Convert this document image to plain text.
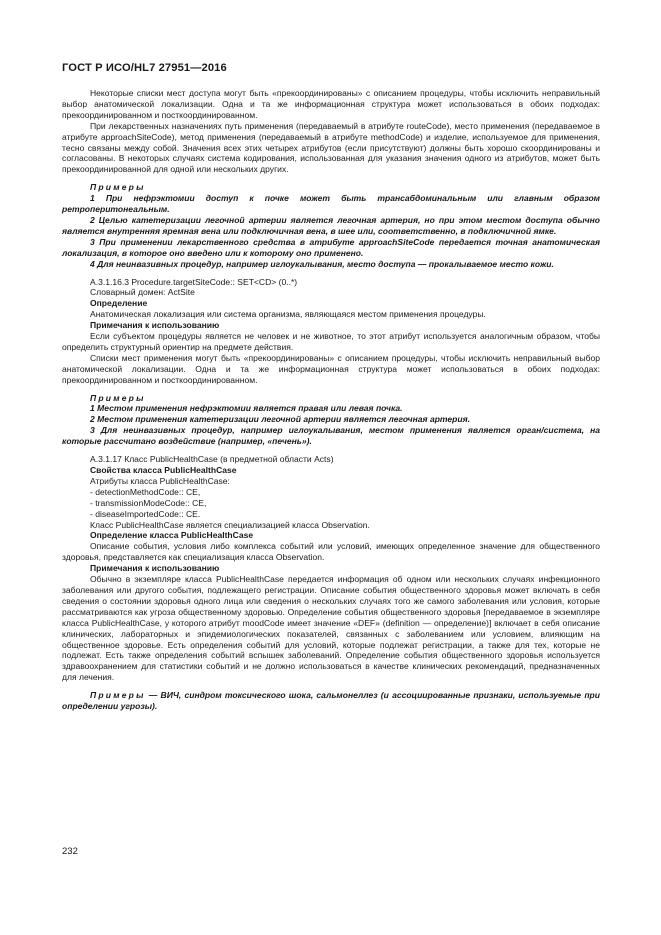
ГОСТ Р ИСО/HL7 27951—2016

Некоторые списки мест доступа могут быть «прекоординированы» с описанием процедуры, чтобы исключить неправильный выбор анатомической локализации. Одна и та же информационная структура может использоваться в обоих подходах: прекоординированном и посткоординированном.

При лекарственных назначениях путь применения (передаваемый в атрибуте routeCode), место применения (передаваемое в атрибуте approachSiteCode), метод применения (передаваемый в атрибуте methodCode) и изделие, используемое для применения, тесно связаны между собой. Значения всех этих четырех атрибутов (если присутствуют) должны быть хорошо скоординированы и согласованы. В некоторых случаях система кодирования, использованная для указания значения одного из атрибутов, может быть прекоординированной для одной или нескольких других.

Примеры

1 При нефрэктомии доступ к почке может быть трансабдоминальным или главным образом ретроперитонеальным.

2 Целью катетеризации легочной артерии является легочная артерия, но при этом местом доступа обычно является внутренняя яремная вена или подключичная вена, в шее или, соответственно, в подключичной ямке.

3 При применении лекарственного средства в атрибуте approachSiteCode передается точная анатомическая локализация, в которое оно введено или к которому оно применено.

4 Для неинвазивных процедур, например иглоукалывания, место доступа — прокалываемое место кожи.

A.3.1.16.3 Procedure.targetSiteCode:: SET<CD> (0..*)

Словарный домен: ActSite

Определение

Анатомическая локализация или система организма, являющаяся местом применения процедуры.

Примечания к использованию

Если субъектом процедуры является не человек и не животное, то этот атрибут используется аналогичным образом, чтобы определить структурный ориентир на предмете действия.

Списки мест применения могут быть «прекоординированы» с описанием процедуры, чтобы исключить неправильный выбор анатомической локализации. Одна и та же информационная структура может использоваться в обоих подходах: прекоординированном и посткоординированном.

Примеры

1 Местом применения нефрэктомии является правая или левая почка.

2 Местом применения катетеризации легочной артерии является легочная артерия.

3 Для неинвазивных процедур, например иглоукалывания, местом применения является орган/система, на которые рассчитано воздействие (например, «печень»).

A.3.1.17 Класс PublicHealthCase (в предметной области Acts)

Свойства класса PublicHealthCase

Атрибуты класса PublicHealthCase:

- detectionMethodCode:: CE,

- transmissionModeCode:: CE,

- diseaseImportedCode:: CE.

Класс PublicHealthCase является специализацией класса Observation.

Определение класса PublicHealthCase

Описание события, условия либо комплекса событий или условий, имеющих определенное значение для общественного здоровья, представляется как специализация класса Observation.

Примечания к использованию

Обычно в экземпляре класса PublicHealthCase передается информация об одном или нескольких случаях инфекционного заболевания или другого события, подлежащего регистрации. Описание события общественного здоровья может включать в себя сведения о состоянии здоровья одного лица или сведения о нескольких случаях того же самого заболевания или условия, которые рассматриваются как угроза общественному здоровью. Определение события общественного здоровья [передаваемое в экземпляре класса PublicHealthCase, у которого атрибут moodCode имеет значение «DEF» (definition — определение)] включает в себя описание клинических, лабораторных и эпидемиологических показателей, связанных с заболеванием или условием, влияющим на общественное здоровье. Есть определения событий для условий, которые подлежат регистрации, а также для тех, которые не подлежат. Есть также определения событий вспышек заболеваний. Определение события общественного здоровья используется здравоохранением для статистики событий и не должно использоваться в качестве клинических рекомендаций, предназначенных для лечения.

Примеры — ВИЧ, синдром токсического шока, сальмонеллез (и ассоциированные признаки, используемые при определении угрозы).

232
